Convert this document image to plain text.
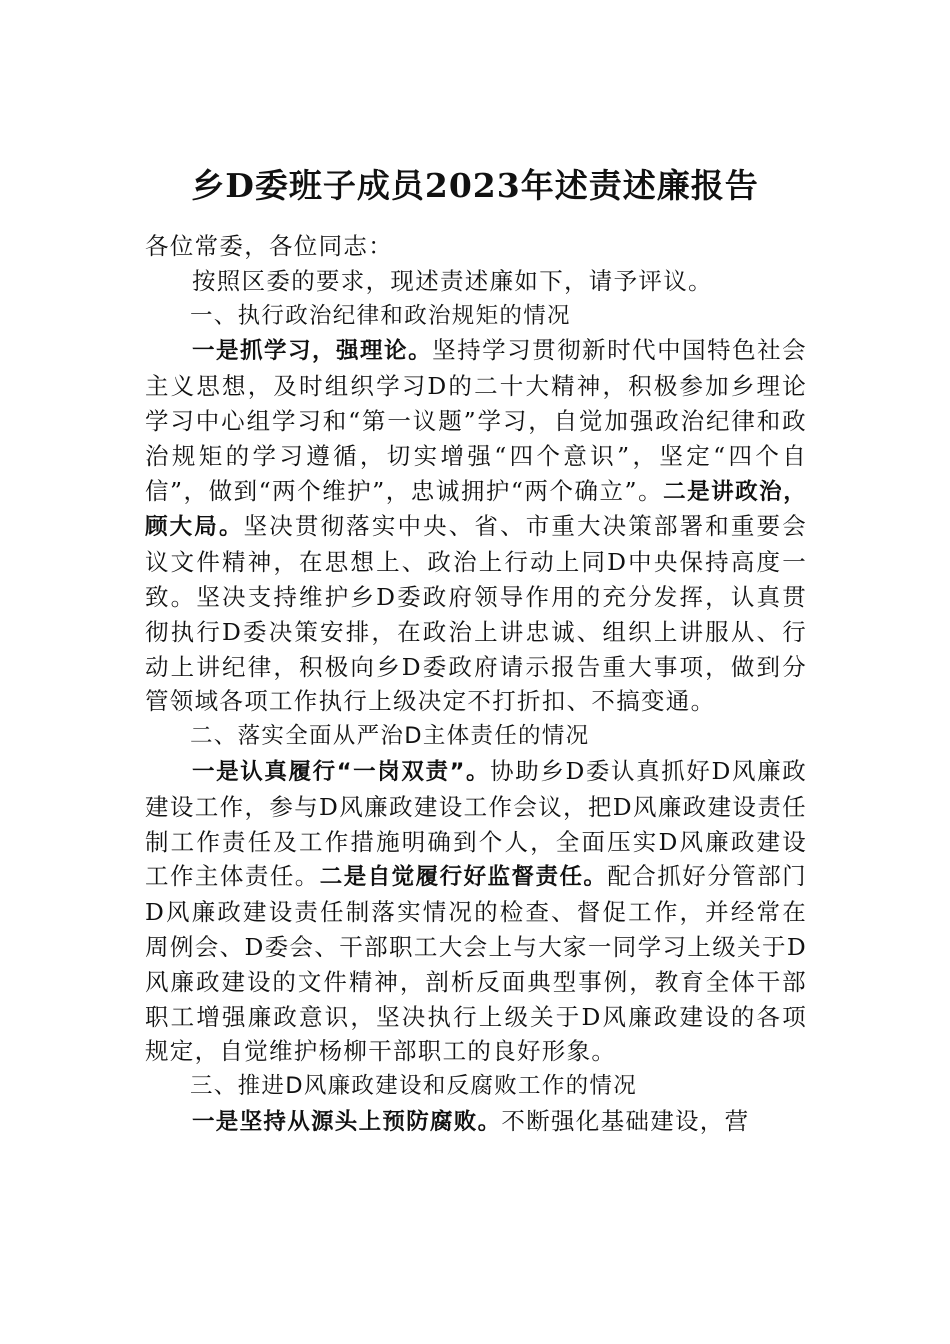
乡D委班子成员2023年述责述廉报告

各位常委，各位同志：

按照区委的要求，现述责述廉如下，请予评议。

一、执行政治纪律和政治规矩的情况

一是抓学习，强理论。坚持学习贯彻新时代中国特色社会主义思想，及时组织学习D的二十大精神，积极参加乡理论学习中心组学习和“第一议题”学习，自觉加强政治纪律和政治规矩的学习遵循，切实增强“四个意识”，坚定“四个自信”，做到“两个维护”，忠诚拥护“两个确立”。二是讲政治，顾大局。坚决贯彻落实中央、省、市重大决策部署和重要会议文件精神，在思想上、政治上行动上同D中央保持高度一致。坚决支持维护乡D委政府领导作用的充分发挥，认真贯彻执行D委决策安排，在政治上讲忠诚、组织上讲服从、行动上讲纪律，积极向乡D委政府请示报告重大事项，做到分管领域各项工作执行上级决定不打折扣、不搞变通。

二、落实全面从严治D主体责任的情况

一是认真履行“一岗双责”。协助乡D委认真抓好D风廉政建设工作，参与D风廉政建设工作会议，把D风廉政建设责任制工作责任及工作措施明确到个人，全面压实D风廉政建设工作主体责任。二是自觉履行好监督责任。配合抓好分管部门D风廉政建设责任制落实情况的检查、督促工作，并经常在周例会、D委会、干部职工大会上与大家一同学习上级关于D风廉政建设的文件精神，剖析反面典型事例，教育全体干部职工增强廉政意识，坚决执行上级关于D风廉政建设的各项规定，自觉维护杨柳干部职工的良好形象。

三、推进D风廉政建设和反腐败工作的情况

一是坚持从源头上预防腐败。不断强化基础建设，营
